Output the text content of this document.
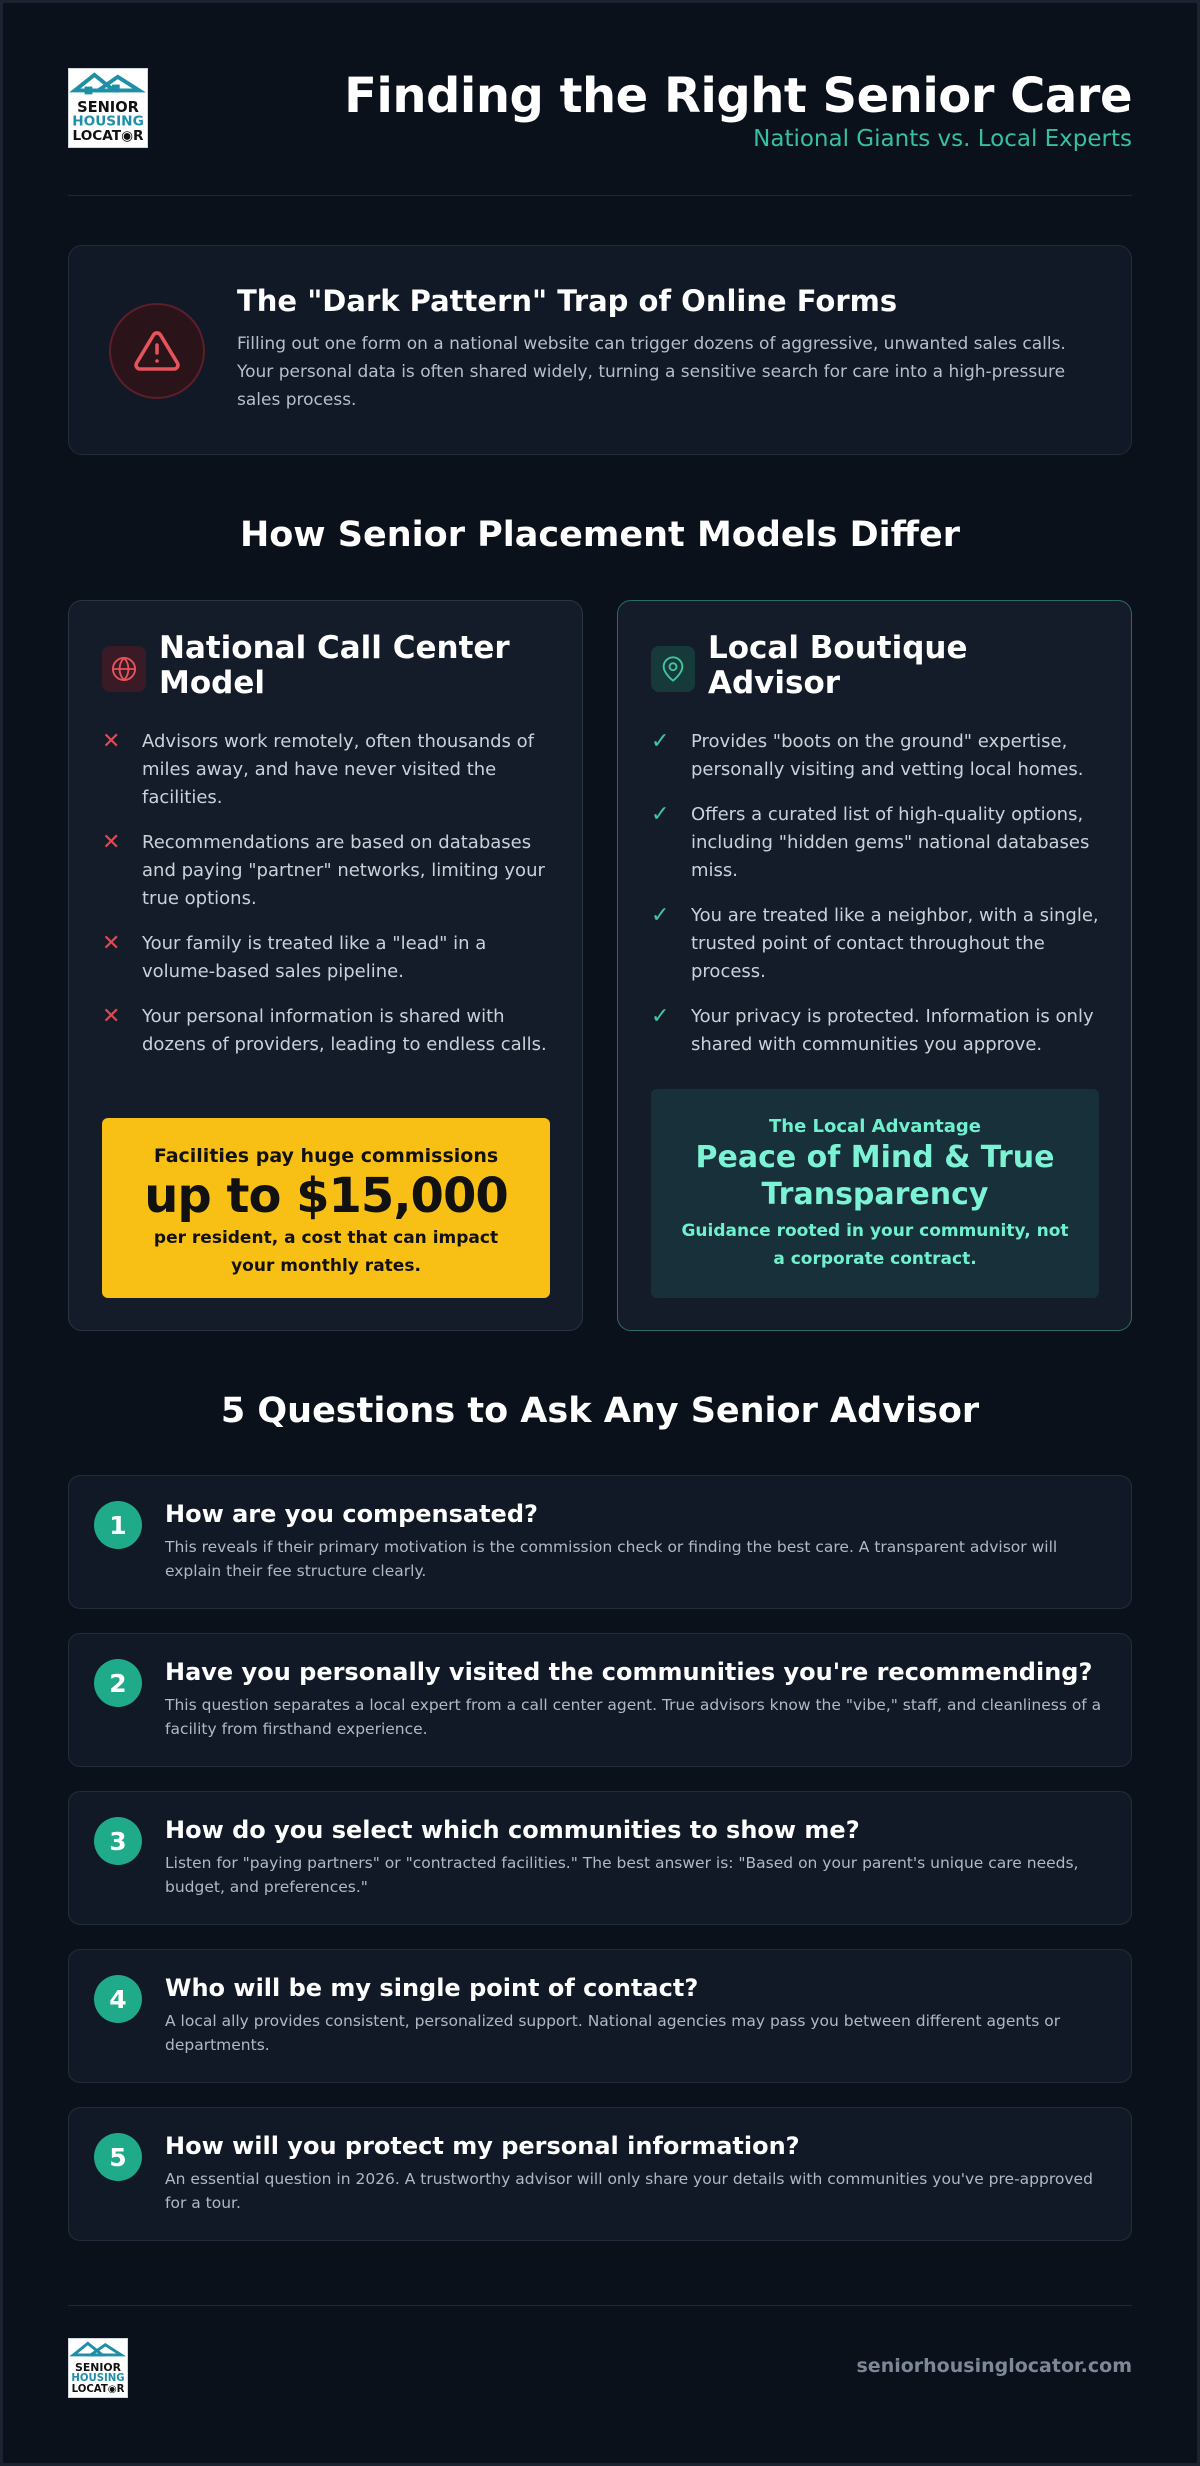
SENIOR
HOUSING
LOCAT◉R
Finding the Right Senior Care
National Giants vs. Local Experts
The "Dark Pattern" Trap of Online Forms
Filling out one form on a national website can trigger dozens of aggressive, unwanted sales calls. Your personal data is often shared widely, turning a sensitive search for care into a high-pressure sales process.
How Senior Placement Models Differ
National Call Center Model
✕ Advisors work remotely, often thousands of miles away, and have never visited the facilities.
✕ Recommendations are based on databases and paying "partner" networks, limiting your true options.
✕ Your family is treated like a "lead" in a volume-based sales pipeline.
✕ Your personal information is shared with dozens of providers, leading to endless calls.
Facilities pay huge commissions
up to $15,000
per resident, a cost that can impact your monthly rates.
Local Boutique Advisor
✓ Provides "boots on the ground" expertise, personally visiting and vetting local homes.
✓ Offers a curated list of high-quality options, including "hidden gems" national databases miss.
✓ You are treated like a neighbor, with a single, trusted point of contact throughout the process.
✓ Your privacy is protected. Information is only shared with communities you approve.
The Local Advantage
Peace of Mind & True Transparency
Guidance rooted in your community, not a corporate contract.
5 Questions to Ask Any Senior Advisor
1	How are you compensated?
This reveals if their primary motivation is the commission check or finding the best care. A transparent advisor will explain their fee structure clearly.
2	Have you personally visited the communities you're recommending?
This question separates a local expert from a call center agent. True advisors know the "vibe," staff, and cleanliness of a facility from firsthand experience.
3	How do you select which communities to show me?
Listen for "paying partners" or "contracted facilities." The best answer is: "Based on your parent's unique care needs, budget, and preferences."
4	Who will be my single point of contact?
A local ally provides consistent, personalized support. National agencies may pass you between different agents or departments.
5	How will you protect my personal information?
An essential question in 2026. A trustworthy advisor will only share your details with communities you've pre-approved for a tour.
SENIOR
HOUSING
LOCAT◉R
seniorhousinglocator.com
